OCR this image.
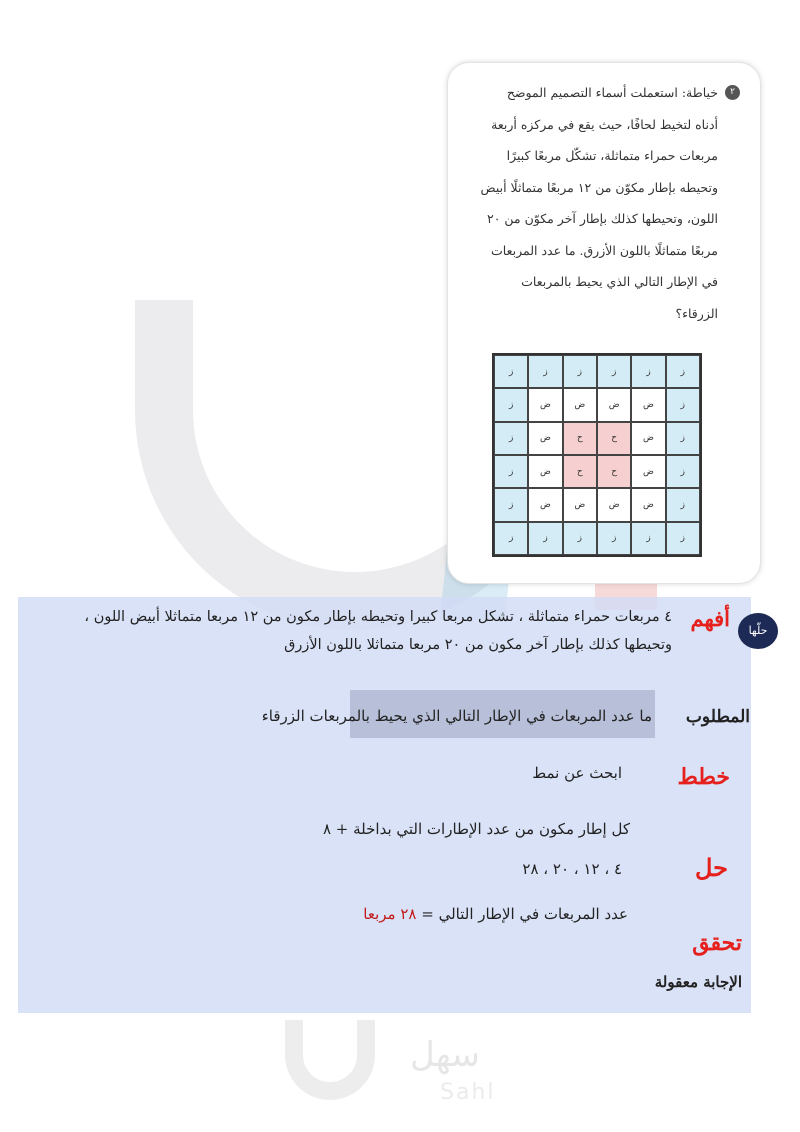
سهل
Sahl
٢
خياطة: استعملت أسماء التصميم الموضح أدناه لتخيط لحافًا، حيث يقع في مركزه أربعة مربعات حمراء متماثلة، تشكّل مربعًا كبيرًا وتحيطه بإطار مكوّن من ١٢ مربعًا متماثلًا أبيض اللون، وتحيطها كذلك بإطار آخر مكوّن من ٢٠ مربعًا متماثلًا باللون الأزرق. ما عدد المربعات في الإطار التالي الذي يحيط بالمربعات الزرقاء؟
ز	ز	ز	ز	ز	ز
ز	ض	ض	ض	ض	ز
ز	ض	ح	ح	ض	ز
ز	ض	ح	ح	ض	ز
ز	ض	ض	ض	ض	ز
ز	ز	ز	ز	ز	ز
حلّها
أفهم
٤ مربعات حمراء متماثلة ، تشكل مربعا كبيرا وتحيطه بإطار مكون من ١٢ مربعا متماثلا أبيض اللون ، وتحيطها كذلك بإطار آخر مكون من ٢٠ مربعا متماثلا باللون الأزرق
المطلوب
ما عدد المربعات في الإطار التالي الذي يحيط بالمربعات الزرقاء
خطط
ابحث عن نمط
كل إطار مكون من عدد الإطارات التي بداخلة + ٨
حل
٤ ، ١٢ ، ٢٠ ، ٢٨
عدد المربعات في الإطار التالي = ٢٨ مربعا
تحقق
الإجابة معقولة
